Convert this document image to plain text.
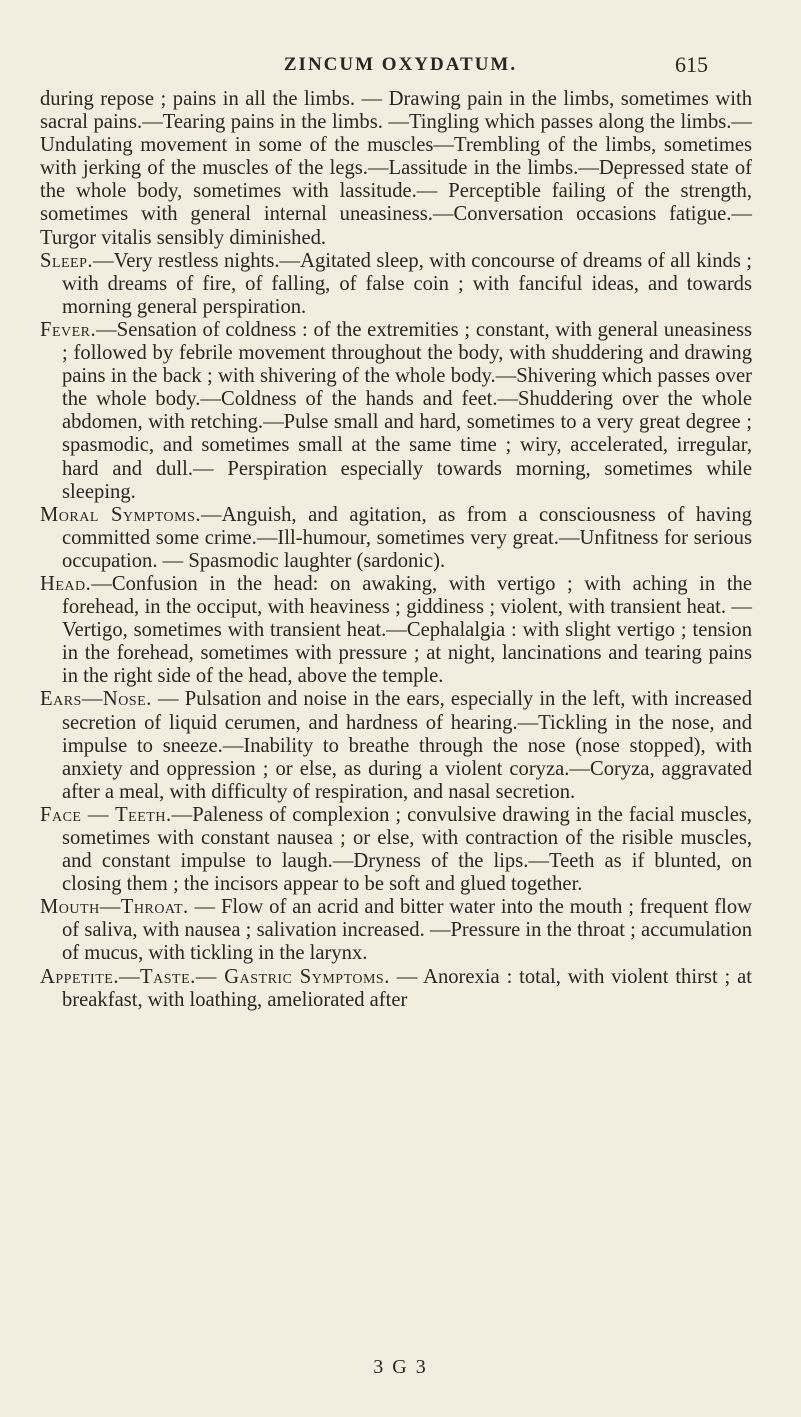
ZINCUM OXYDATUM.	615

during repose ; pains in all the limbs. — Drawing pain in the limbs, sometimes with sacral pains.—Tearing pains in the limbs. —Tingling which passes along the limbs.—Undulating movement in some of the muscles—Trembling of the limbs, sometimes with jerking of the muscles of the legs.—Lassitude in the limbs.—Depressed state of the whole body, sometimes with lassitude.— Perceptible failing of the strength, sometimes with general internal uneasiness.—Conversation occasions fatigue.—Turgor vitalis sensibly diminished.

Sleep.—Very restless nights.—Agitated sleep, with concourse of dreams of all kinds ; with dreams of fire, of falling, of false coin ; with fanciful ideas, and towards morning general perspiration.

Fever.—Sensation of coldness : of the extremities ; constant, with general uneasiness ; followed by febrile movement throughout the body, with shuddering and drawing pains in the back ; with shivering of the whole body.—Shivering which passes over the whole body.—Coldness of the hands and feet.—Shuddering over the whole abdomen, with retching.—Pulse small and hard, sometimes to a very great degree ; spasmodic, and sometimes small at the same time ; wiry, accelerated, irregular, hard and dull.— Perspiration especially towards morning, sometimes while sleeping.

Moral Symptoms.—Anguish, and agitation, as from a consciousness of having committed some crime.—Ill-humour, sometimes very great.—Unfitness for serious occupation. — Spasmodic laughter (sardonic).

Head.—Confusion in the head: on awaking, with vertigo ; with aching in the forehead, in the occiput, with heaviness ; giddiness ; violent, with transient heat. — Vertigo, sometimes with transient heat.—Cephalalgia : with slight vertigo ; tension in the forehead, sometimes with pressure ; at night, lancinations and tearing pains in the right side of the head, above the temple.

Ears—Nose. — Pulsation and noise in the ears, especially in the left, with increased secretion of liquid cerumen, and hardness of hearing.—Tickling in the nose, and impulse to sneeze.—Inability to breathe through the nose (nose stopped), with anxiety and oppression ; or else, as during a violent coryza.—Coryza, aggravated after a meal, with difficulty of respiration, and nasal secretion.

Face — Teeth.—Paleness of complexion ; convulsive drawing in the facial muscles, sometimes with constant nausea ; or else, with contraction of the risible muscles, and constant impulse to laugh.—Dryness of the lips.—Teeth as if blunted, on closing them ; the incisors appear to be soft and glued together.

Mouth—Throat. — Flow of an acrid and bitter water into the mouth ; frequent flow of saliva, with nausea ; salivation increased. —Pressure in the throat ; accumulation of mucus, with tickling in the larynx.

Appetite.—Taste.— Gastric Symptoms. — Anorexia : total, with violent thirst ; at breakfast, with loathing, ameliorated after

3 G 3
